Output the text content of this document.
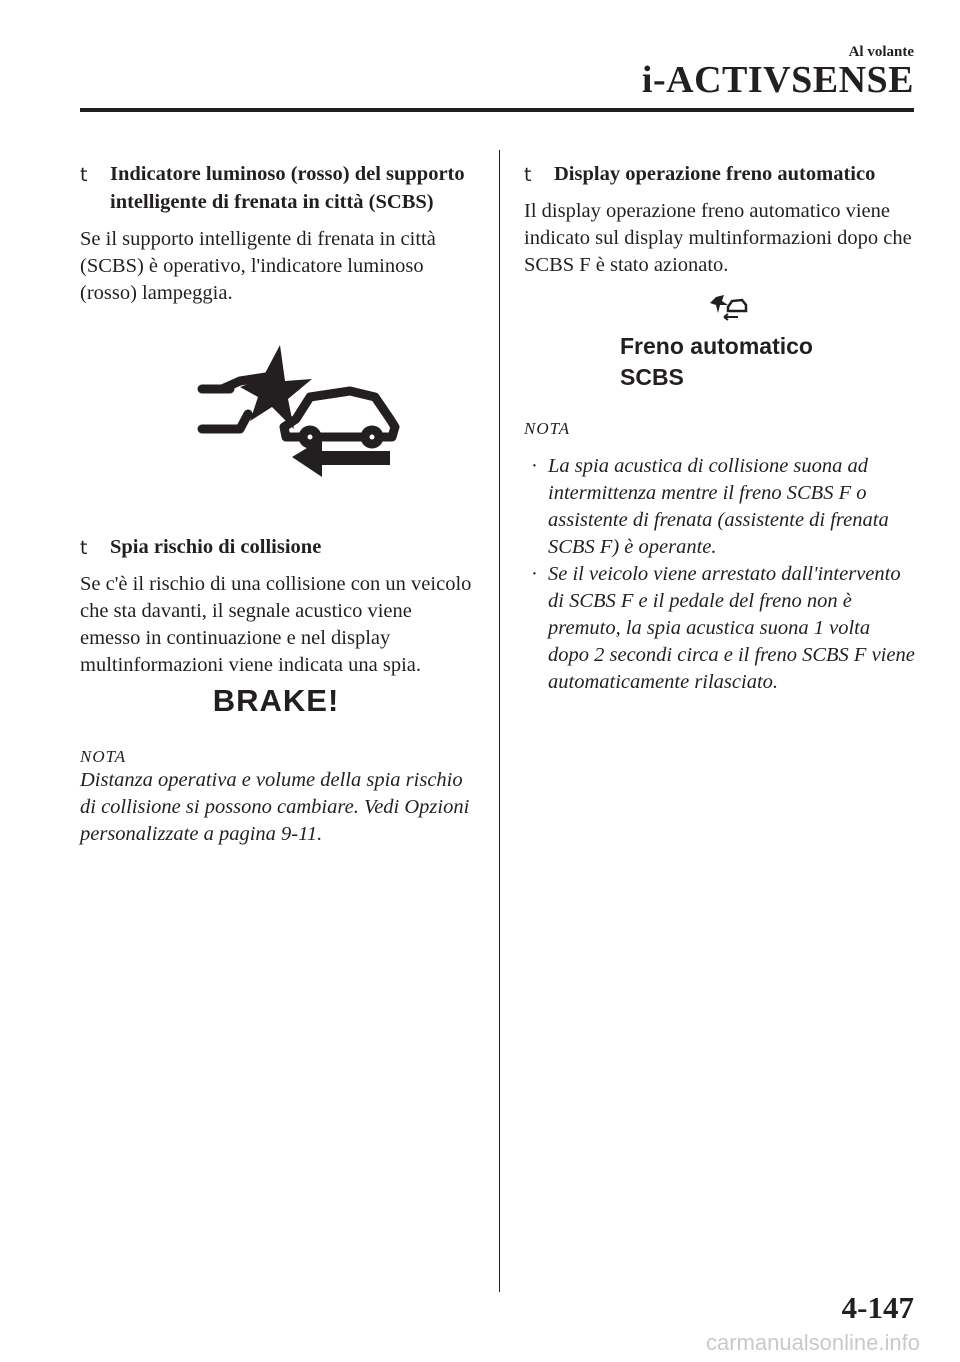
Al volante
i-ACTIVSENSE
t Indicatore luminoso (rosso) del supporto intelligente di frenata in città (SCBS)

Se il supporto intelligente di frenata in città (SCBS) è operativo, l'indicatore luminoso (rosso) lampeggia.

t Spia rischio di collisione

Se c'è il rischio di una collisione con un veicolo che sta davanti, il segnale acustico viene emesso in continuazione e nel display multinformazioni viene indicata una spia.

BRAKE!
NOTA
Distanza operativa e volume della spia rischio di collisione si possono cambiare. Vedi Opzioni personalizzate a pagina 9-11.
t Display operazione freno automatico

Il display operazione freno automatico viene indicato sul display multinformazioni dopo che SCBS F è stato azionato.

Freno automatico
SCBS
NOTA
· La spia acustica di collisione suona ad intermittenza mentre il freno SCBS F o assistente di frenata (assistente di frenata SCBS F) è operante.
· Se il veicolo viene arrestato dall'intervento di SCBS F e il pedale del freno non è premuto, la spia acustica suona 1 volta dopo 2 secondi circa e il freno SCBS F viene automaticamente rilasciato.
4-147
carmanualsonline.info
